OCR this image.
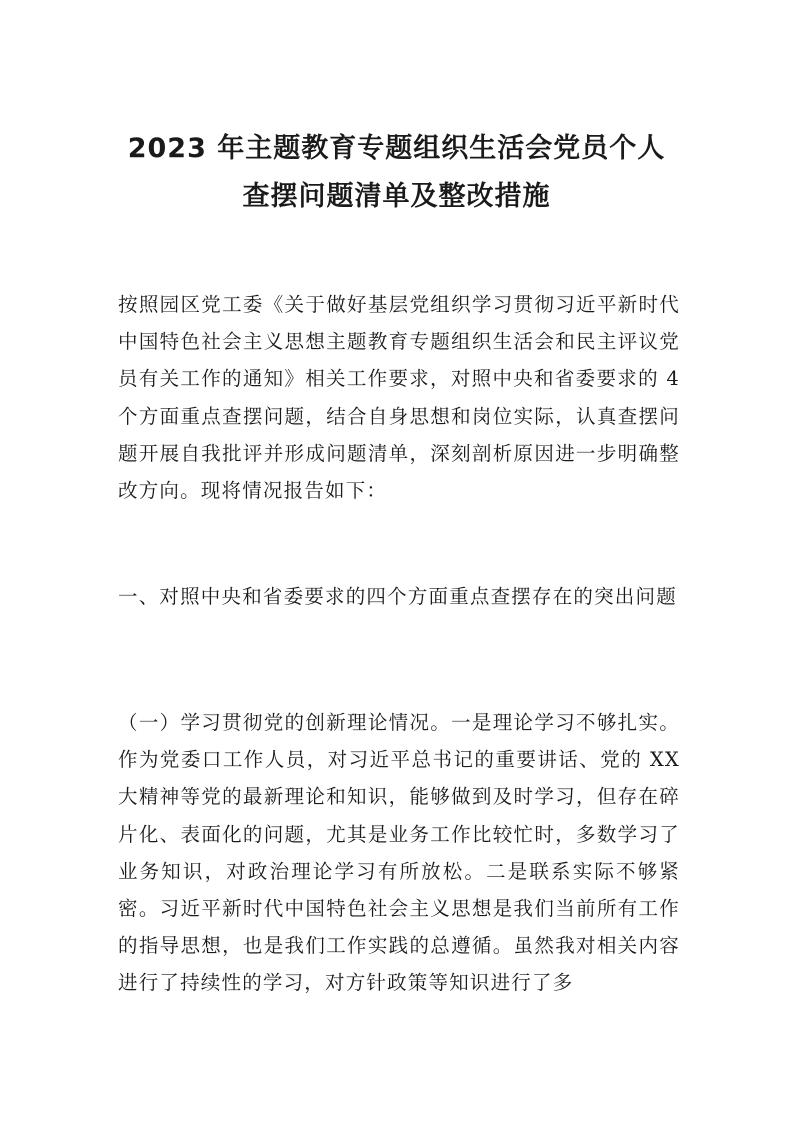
2023 年主题教育专题组织生活会党员个人
查摆问题清单及整改措施

按照园区党工委《关于做好基层党组织学习贯彻习近平新时代中国特色社会主义思想主题教育专题组织生活会和民主评议党员有关工作的通知》相关工作要求，对照中央和省委要求的 4 个方面重点查摆问题，结合自身思想和岗位实际，认真查摆问题开展自我批评并形成问题清单，深刻剖析原因进一步明确整改方向。现将情况报告如下：

一、对照中央和省委要求的四个方面重点查摆存在的突出问题

（一）学习贯彻党的创新理论情况。一是理论学习不够扎实。作为党委口工作人员，对习近平总书记的重要讲话、党的 XX 大精神等党的最新理论和知识，能够做到及时学习，但存在碎片化、表面化的问题，尤其是业务工作比较忙时，多数学习了业务知识，对政治理论学习有所放松。二是联系实际不够紧密。习近平新时代中国特色社会主义思想是我们当前所有工作的指导思想，也是我们工作实践的总遵循。虽然我对相关内容进行了持续性的学习，对方针政策等知识进行了多
